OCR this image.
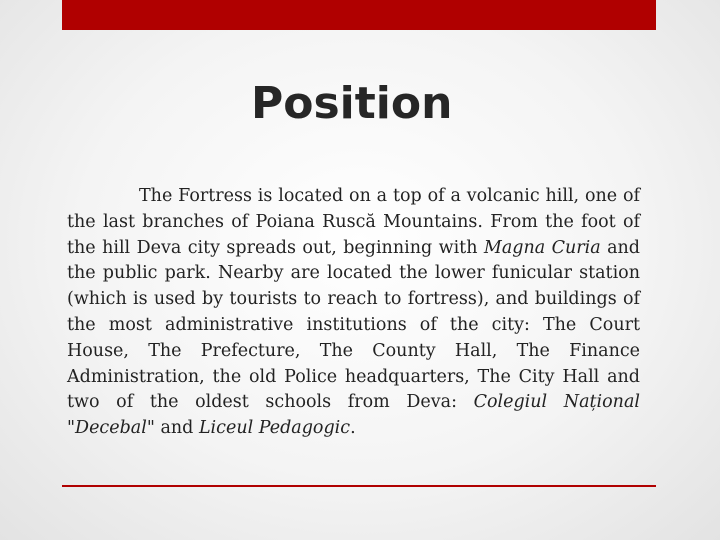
Position

The Fortress is located on a top of a volcanic hill, one of the last branches of Poiana Ruscă Mountains. From the foot of the hill Deva city spreads out, beginning with Magna Curia and the public park. Nearby are located the lower funicular station (which is used by tourists to reach to fortress), and buildings of the most administrative institutions of the city: The Court House, The Prefecture, The County Hall, The Finance Administration, the old Police headquarters, The City Hall and two of the oldest schools from Deva: Colegiul Național "Decebal" and Liceul Pedagogic.
